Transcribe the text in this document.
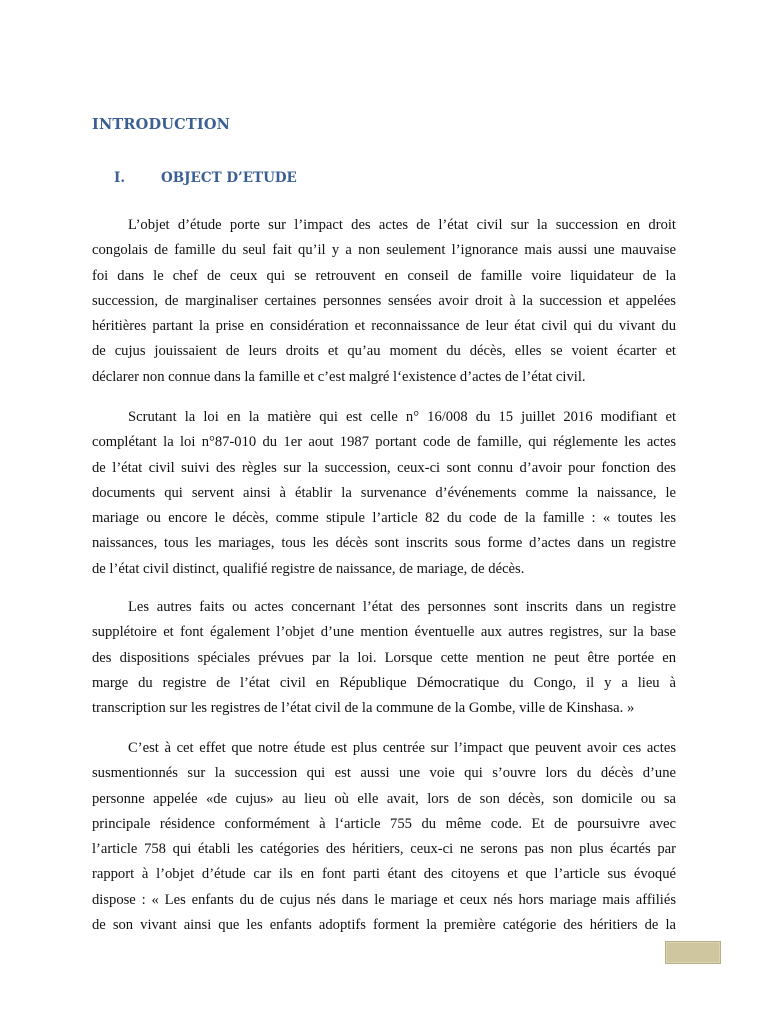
INTRODUCTION
I.	OBJECT D’ETUDE
L’objet d’étude porte sur l’impact des actes de l’état civil sur la succession en droit
congolais de famille du seul fait qu’il y a non seulement l’ignorance mais aussi une mauvaise
foi dans le chef de ceux qui se retrouvent en conseil de famille voire liquidateur de la
succession, de marginaliser certaines personnes sensées avoir droit à la succession et appelées
héritières partant la prise en considération et reconnaissance de leur état civil qui du vivant du
de cujus jouissaient de leurs droits et qu’au moment du décès, elles se voient écarter et
déclarer non connue dans la famille et c’est malgré l‘existence d’actes de l’état civil.
Scrutant la loi en la matière qui est celle n° 16/008 du 15 juillet 2016 modifiant et
complétant la loi n°87-010 du 1er aout 1987 portant code de famille, qui réglemente les actes
de l’état civil suivi des règles sur la succession, ceux-ci sont connu d’avoir pour fonction des
documents qui servent ainsi à établir la survenance d’événements comme la naissance, le
mariage ou encore le décès, comme stipule l’article 82 du code de la famille : « toutes les
naissances, tous les mariages, tous les décès sont inscrits sous forme d’actes dans un registre
de l’état civil distinct, qualifié registre de naissance, de mariage, de décès.
Les autres faits ou actes concernant l’état des personnes sont inscrits dans un registre
supplétoire et font également l’objet d’une mention éventuelle aux autres registres, sur la base
des dispositions spéciales prévues par la loi. Lorsque cette mention ne peut être portée en
marge du registre de l’état civil en République Démocratique du Congo, il y a lieu à
transcription sur les registres de l’état civil de la commune de la Gombe, ville de Kinshasa. »
C’est à cet effet que notre étude est plus centrée sur l’impact que peuvent avoir ces actes
susmentionnés sur la succession qui est aussi une voie qui s’ouvre lors du décès d’une
personne appelée «de cujus» au lieu où elle avait, lors de son décès, son domicile ou sa
principale résidence conformément à l‘article 755 du même code. Et de poursuivre avec
l’article 758 qui établi les catégories des héritiers, ceux-ci ne serons pas non plus écartés par
rapport à l’objet d’étude car ils en font parti étant des citoyens et que l’article sus évoqué
dispose : « Les enfants du de cujus nés dans le mariage et ceux nés hors mariage mais affiliés
de son vivant ainsi que les enfants adoptifs forment la première catégorie des héritiers de la
